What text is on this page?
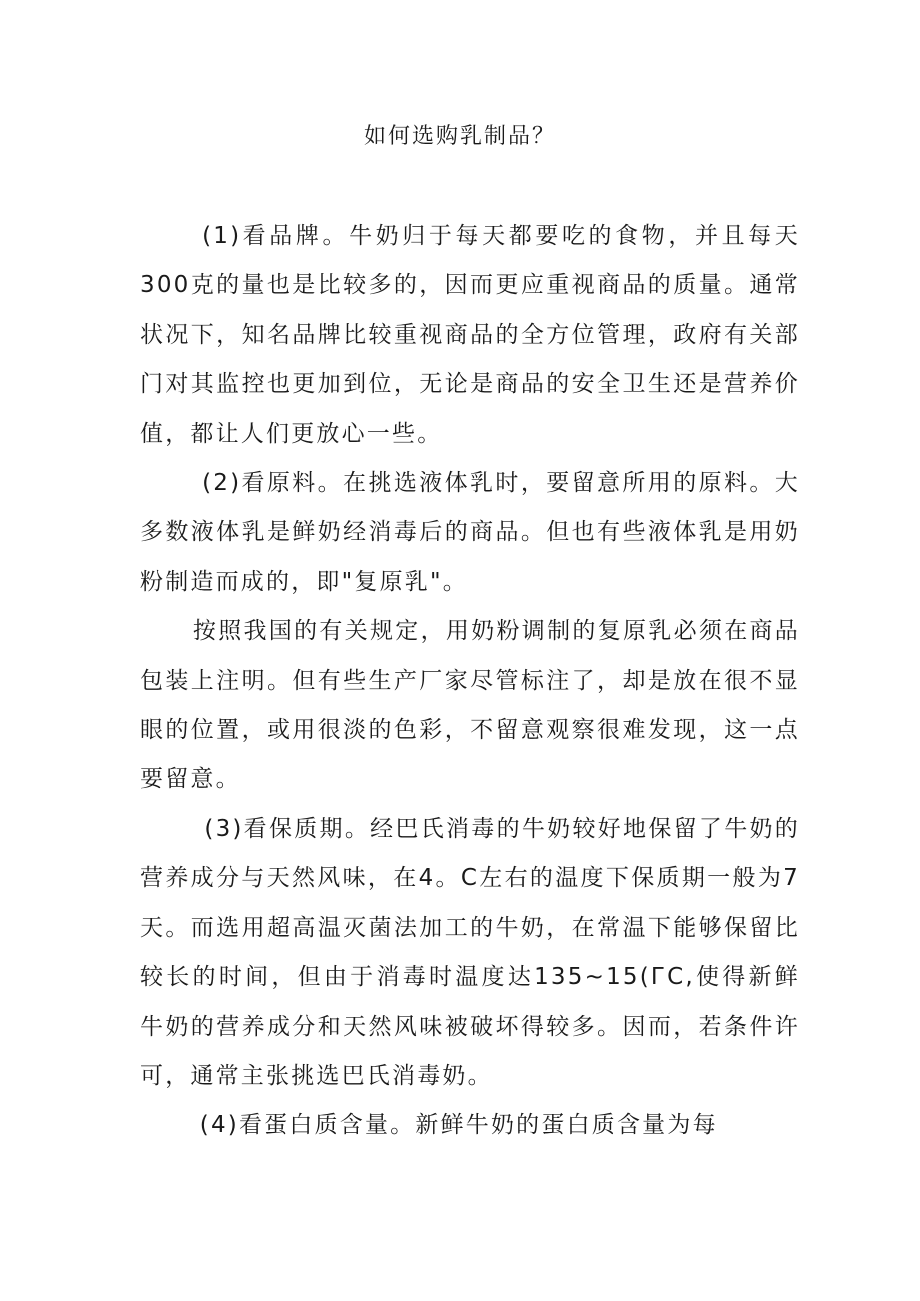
如何选购乳制品？

(1)看品牌。牛奶归于每天都要吃的食物，并且每天300克的量也是比较多的，因而更应重视商品的质量。通常状况下，知名品牌比较重视商品的全方位管理，政府有关部门对其监控也更加到位，无论是商品的安全卫生还是营养价值，都让人们更放心一些。

(2)看原料。在挑选液体乳时，要留意所用的原料。大多数液体乳是鲜奶经消毒后的商品。但也有些液体乳是用奶粉制造而成的，即"复原乳"。

按照我国的有关规定，用奶粉调制的复原乳必须在商品包装上注明。但有些生产厂家尽管标注了，却是放在很不显眼的位置，或用很淡的色彩，不留意观察很难发现，这一点要留意。

(3)看保质期。经巴氏消毒的牛奶较好地保留了牛奶的营养成分与天然风味，在4。C左右的温度下保质期一般为7天。而选用超高温灭菌法加工的牛奶，在常温下能够保留比较长的时间，但由于消毒时温度达135~15(ГC,使得新鲜牛奶的营养成分和天然风味被破坏得较多。因而，若条件许可，通常主张挑选巴氏消毒奶。

(4)看蛋白质含量。新鲜牛奶的蛋白质含量为每
